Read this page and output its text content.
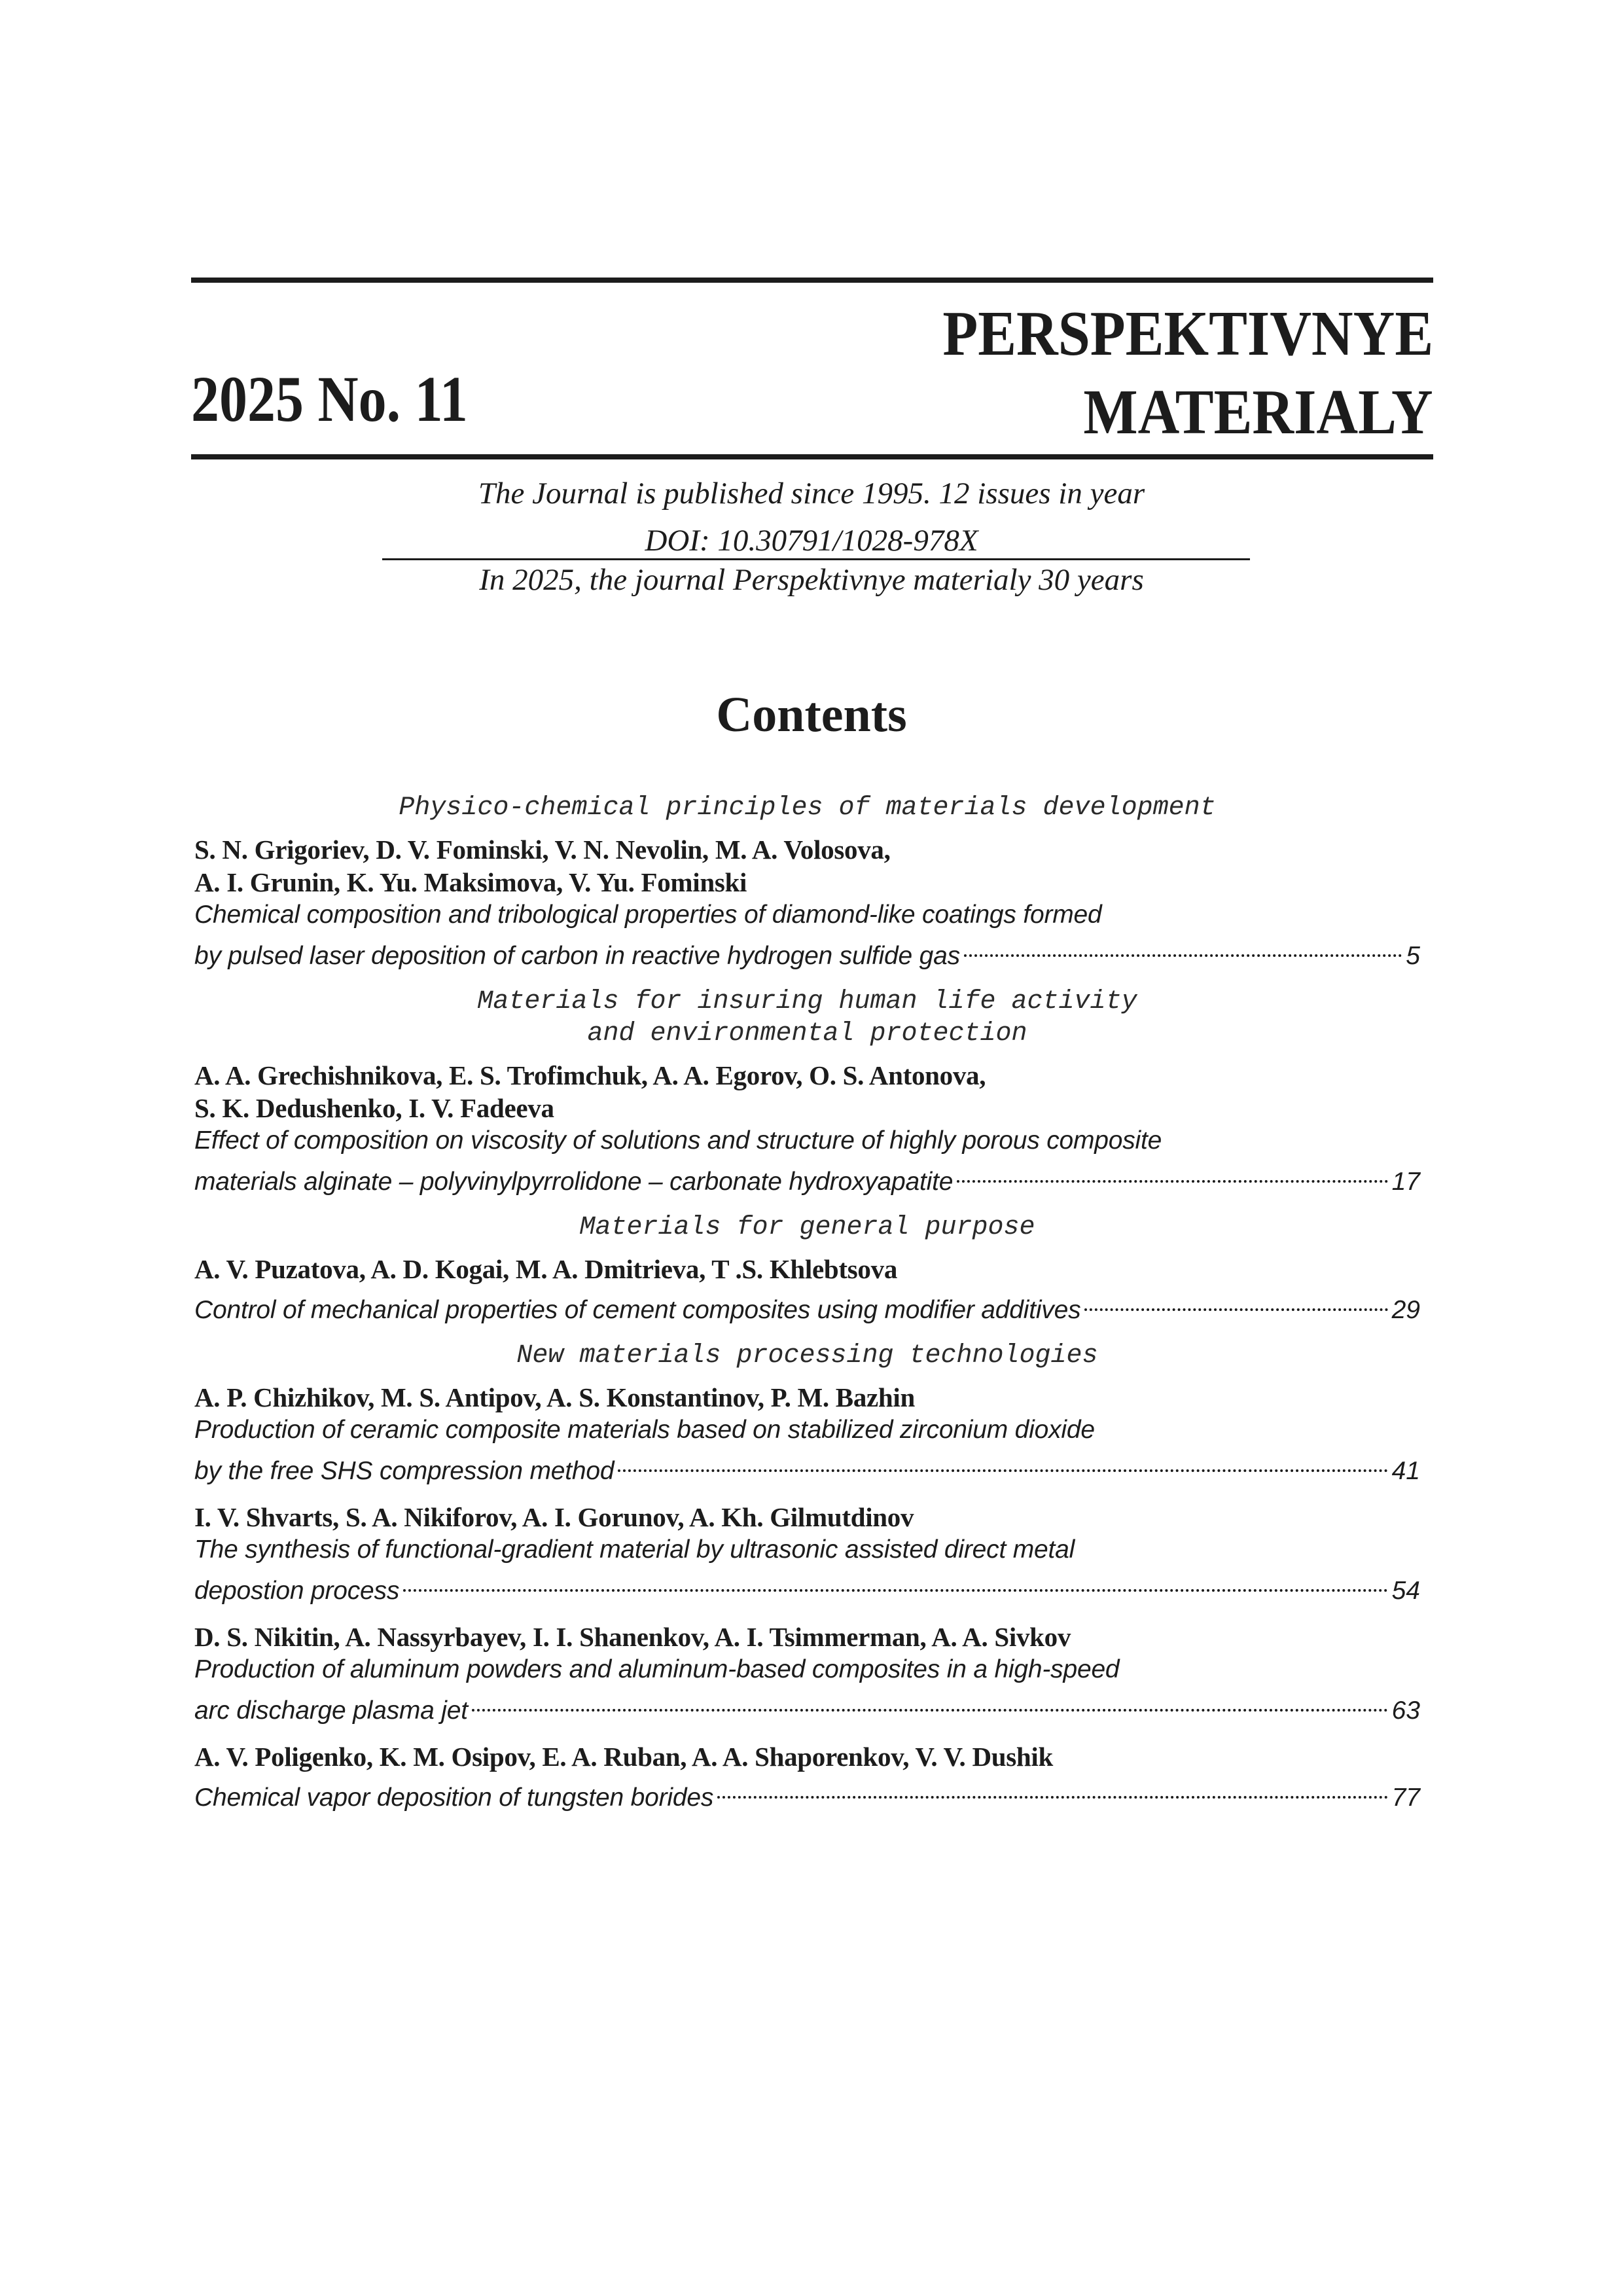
2025 No. 11
PERSPEKTIVNYE
MATERIALY
The Journal is published since 1995. 12 issues in year
DOI: 10.30791/1028-978X
In 2025, the journal Perspektivnye materialy 30 years
Contents
Physico-chemical principles of materials development
S. N. Grigoriev, D. V. Fominski, V. N. Nevolin, M. A. Volosova,
A. I. Grunin, K. Yu. Maksimova, V. Yu. Fominski
Chemical composition and tribological properties of diamond-like coatings formed
by pulsed laser deposition of carbon in reactive hydrogen sulfide gas	5
Materials for insuring human life activity
and environmental protection
A. A. Grechishnikova, E. S. Trofimchuk, A. A. Egorov, O. S. Antonova,
S. K. Dedushenko, I. V. Fadeeva
Effect of composition on viscosity of solutions and structure of highly porous composite
materials alginate – polyvinylpyrrolidone – carbonate hydroxyapatite	17
Materials for general purpose
A. V. Puzatova, A. D. Kogai, M. A. Dmitrieva, T .S. Khlebtsova
Control of mechanical properties of cement composites using modifier additives	29
New materials processing technologies
A. P. Chizhikov, M. S. Antipov, A. S. Konstantinov, P. M. Bazhin
Production of ceramic composite materials based on stabilized zirconium dioxide
by the free SHS compression method	41
I. V. Shvarts, S. A. Nikiforov, A. I. Gorunov, A. Kh. Gilmutdinov
The synthesis of functional-gradient material by ultrasonic assisted direct metal
depostion process	54
D. S. Nikitin, A. Nassyrbayev, I. I. Shanenkov, A. I. Tsimmerman, A. A. Sivkov
Production of aluminum powders and aluminum-based composites in a high-speed
arc discharge plasma jet	63
A. V. Poligenko, K. M. Osipov, E. A. Ruban, A. A. Shaporenkov, V. V. Dushik
Chemical vapor deposition of tungsten borides	77
